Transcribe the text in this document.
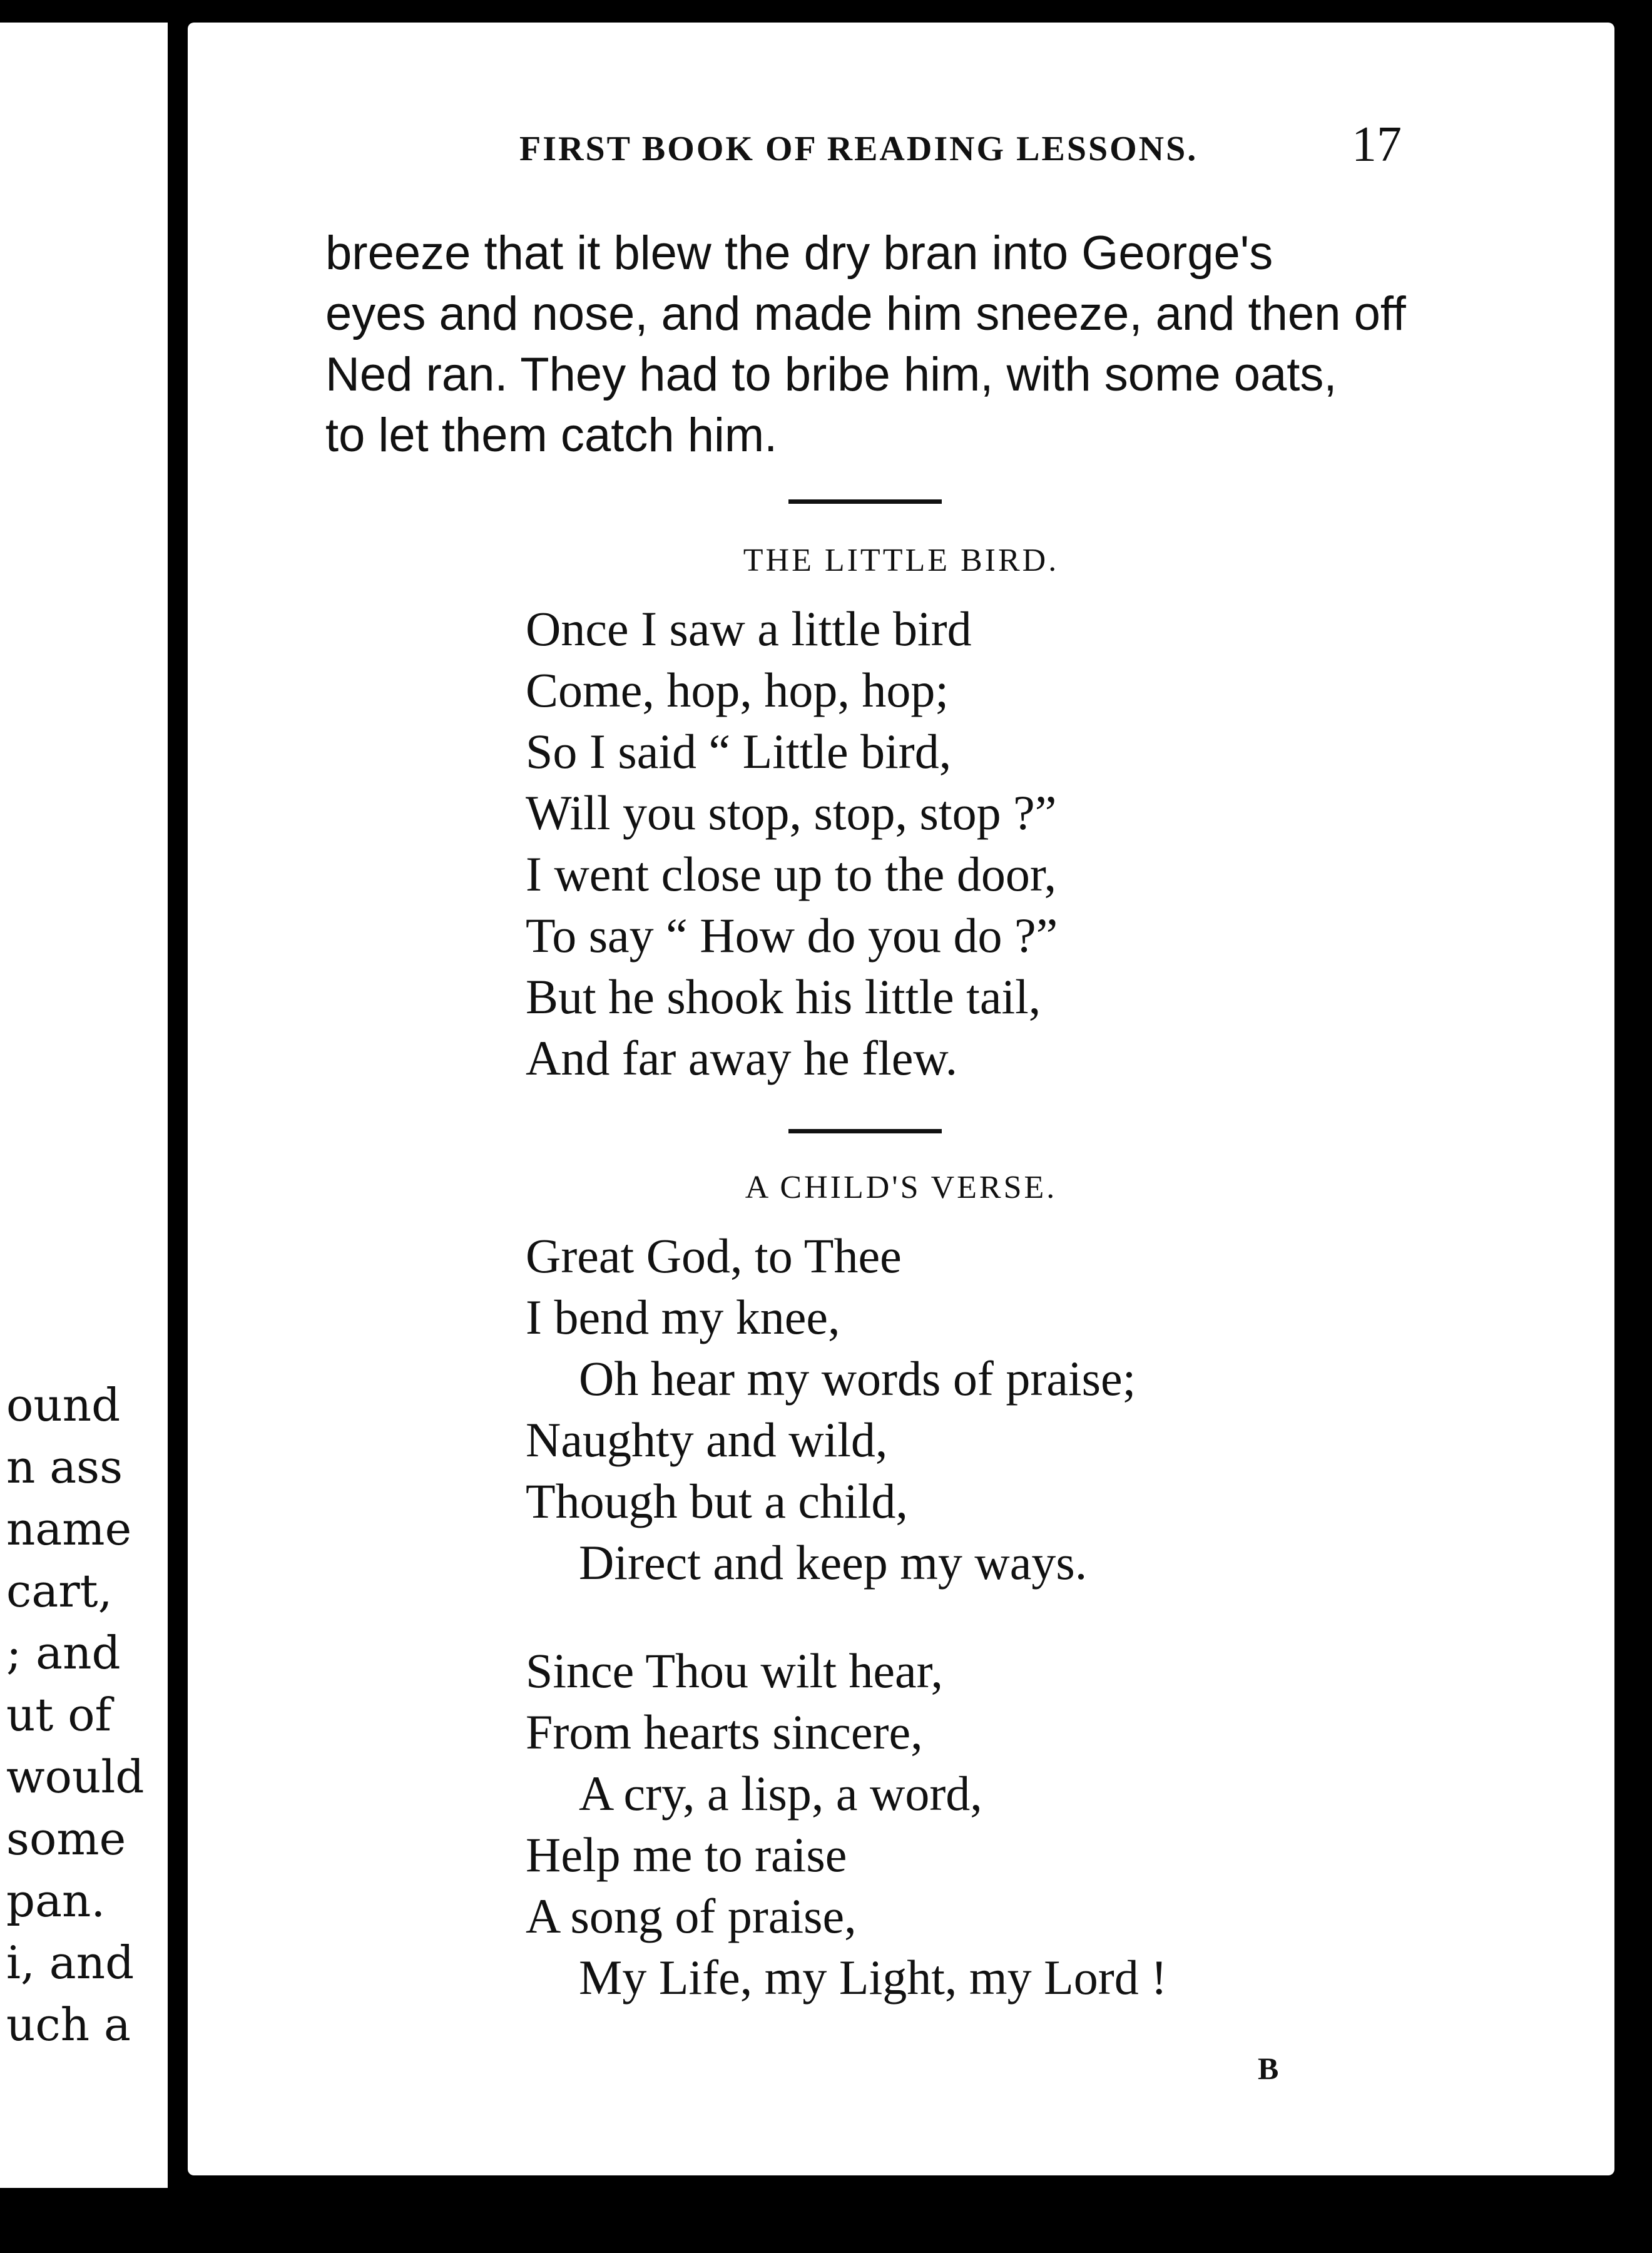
ound
n ass
name
cart,
; and
ut of
would
some
pan.
i, and
uch a
FIRST BOOK OF READING LESSONS.	17
breeze that it blew the dry bran into George's
eyes and nose, and made him sneeze, and then off
Ned ran. They had to bribe him, with some oats,
to let them catch him.
THE LITTLE BIRD.
Once I saw a little bird
Come, hop, hop, hop;
So I said “ Little bird,
Will you stop, stop, stop ?”
I went close up to the door,
To say “ How do you do ?”
But he shook his little tail,
And far away he flew.
A CHILD'S VERSE.
Great God, to Thee
I bend my knee,
Oh hear my words of praise;
Naughty and wild,
Though but a child,
Direct and keep my ways.
Since Thou wilt hear,
From hearts sincere,
A cry, a lisp, a word,
Help me to raise
A song of praise,
My Life, my Light, my Lord !
B
